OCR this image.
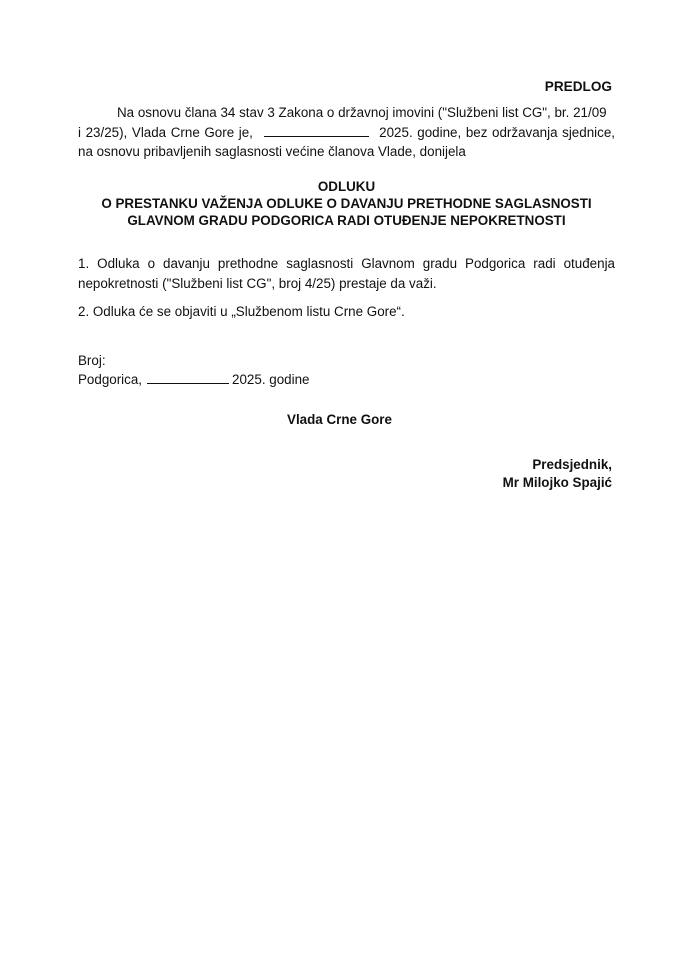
PREDLOG
Na osnovu člana 34 stav 3 Zakona o državnoj imovini ("Službeni list CG", br. 21/09
i 23/25), Vlada Crne Gore je,	2025. godine, bez održavanja sjednice,
na osnovu pribavljenih saglasnosti većine članova Vlade, donijela
ODLUKU
O PRESTANKU VAŽENJA ODLUKE O DAVANJU PRETHODNE SAGLASNOSTI
GLAVNOM GRADU PODGORICA RADI OTUĐENJE NEPOKRETNOSTI
1. Odluka o davanju prethodne saglasnosti Glavnom gradu Podgorica radi otuđenja
nepokretnosti ("Službeni list CG", broj 4/25) prestaje da važi.
2. Odluka će se objaviti u „Službenom listu Crne Gore“.
Broj:
Podgorica,	2025. godine
Vlada Crne Gore
Predsjednik,
Mr Milojko Spajić
